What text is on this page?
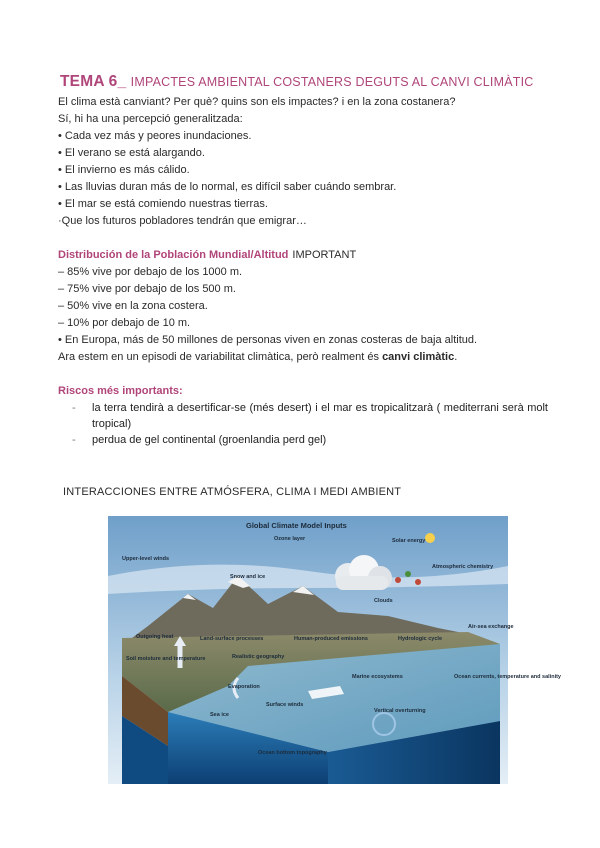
TEMA 6_ IMPACTES AMBIENTAL COSTANERS DEGUTS AL CANVI CLIMÀTIC
El clima està canviant? Per què? quins son els impactes? i en la zona costanera?
Sí, hi ha una percepció generalitzada:
• Cada vez más y peores inundaciones.
• El verano se está alargando.
• El invierno es más cálido.
• Las lluvias duran más de lo normal, es difícil saber cuándo sembrar.
• El mar se está comiendo nuestras tierras.
·Que los futuros pobladores tendrán que emigrar…
Distribución de la Población Mundial/Altitud IMPORTANT
– 85% vive por debajo de los 1000 m.
– 75% vive por debajo de los 500 m.
– 50% vive en la zona costera.
– 10% por debajo de 10 m.
• En Europa, más de 50 millones de personas viven en zonas costeras de baja altitud.
Ara estem en un episodi de variabilitat climàtica, però realment és canvi climàtic.
Riscos més importants:
- la terra tendirà a desertificar-se (més desert) i el mar es tropicalitzarà ( mediterrani serà molt tropical)
- perdua de gel continental (groenlandia perd gel)
INTERACCIONES ENTRE ATMÓSFERA, CLIMA I MEDI AMBIENT
Global Climate Model Inputs
Ozone layer	Solar energy
Upper-level winds
Atmospheric chemistry
Snow and ice
Clouds
Air-sea exchange
Outgoing heat	Land-surface processes	Human-produced emissions	Hydrologic cycle
Soil moisture and temperature	Realistic geography
Evaporation
Marine ecosystems	Ocean currents, temperature and salinity
Surface winds
Sea ice
Vertical overturning
Ocean bottom topography
